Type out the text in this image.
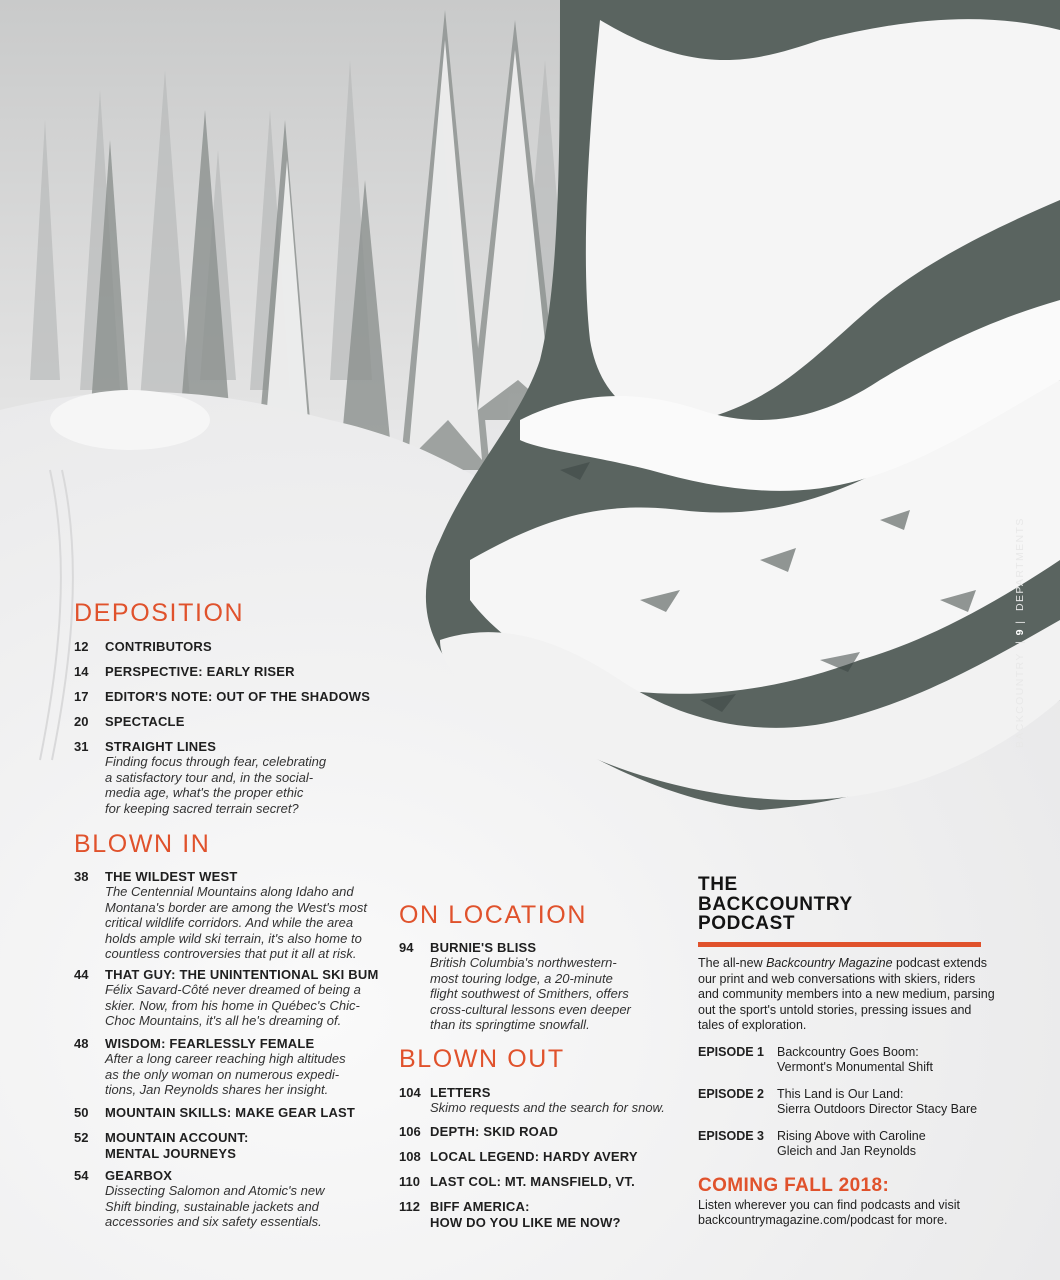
BACKCOUNTRY  | 9 |  DEPARTMENTS
DEPOSITION
12	CONTRIBUTORS
14	PERSPECTIVE: EARLY RISER
17	EDITOR'S NOTE: OUT OF THE SHADOWS
20	SPECTACLE
31	STRAIGHT LINES
Finding focus through fear, celebrating
a satisfactory tour and, in the social-
media age, what's the proper ethic
for keeping sacred terrain secret?
BLOWN IN
38	THE WILDEST WEST
The Centennial Mountains along Idaho and
Montana's border are among the West's most
critical wildlife corridors. And while the area
holds ample wild ski terrain, it's also home to
countless controversies that put it all at risk.
44	THAT GUY: THE UNINTENTIONAL SKI BUM
Félix Savard-Côté never dreamed of being a
skier. Now, from his home in Québec's Chic-
Choc Mountains, it's all he's dreaming of.
48	WISDOM: FEARLESSLY FEMALE
After a long career reaching high altitudes
as the only woman on numerous expedi-
tions, Jan Reynolds shares her insight.
50	MOUNTAIN SKILLS: MAKE GEAR LAST
52	MOUNTAIN ACCOUNT:
MENTAL JOURNEYS
54	GEARBOX
Dissecting Salomon and Atomic's new
Shift binding, sustainable jackets and
accessories and six safety essentials.
ON LOCATION
94	BURNIE'S BLISS
British Columbia's northwestern-
most touring lodge, a 20-minute
flight southwest of Smithers, offers
cross-cultural lessons even deeper
than its springtime snowfall.
BLOWN OUT
104 LETTERS
Skimo requests and the search for snow.
106 DEPTH: SKID ROAD
108 LOCAL LEGEND: HARDY AVERY
110 LAST COL: MT. MANSFIELD, VT.
112 BIFF AMERICA:
HOW DO YOU LIKE ME NOW?
THE
BACKCOUNTRY
PODCAST
The all-new Backcountry Magazine podcast extends our print and web conversations with skiers, riders and community members into a new medium, parsing out the sport's untold stories, pressing issues and tales of exploration.
EPISODE 1 Backcountry Goes Boom:
Vermont's Monumental Shift
EPISODE 2 This Land is Our Land:
Sierra Outdoors Director Stacy Bare
EPISODE 3 Rising Above with Caroline
Gleich and Jan Reynolds
COMING FALL 2018:
Listen wherever you can find podcasts and visit
backcountrymagazine.com/podcast for more.
